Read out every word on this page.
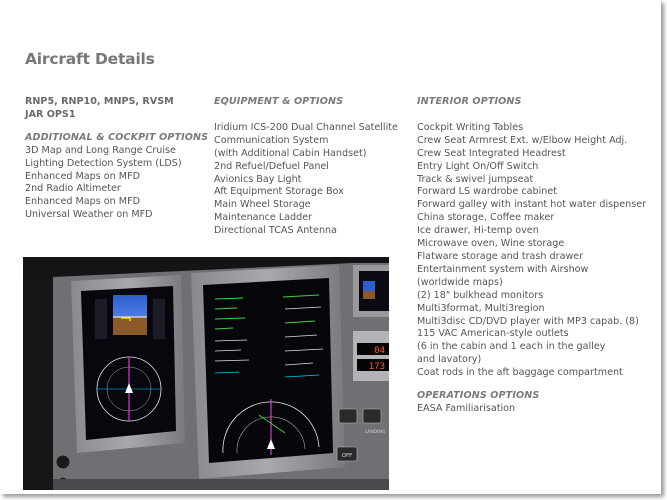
Aircraft Details
RNP5, RNP10, MNPS, RVSM
JAR OPS1
ADDITIONAL & COCKPIT OPTIONS
3D Map and Long Range Cruise
Lighting Detection System (LDS)
Enhanced Maps on MFD
2nd Radio Altimeter
Enhanced Maps on MFD
Universal Weather on MFD
EQUIPMENT & OPTIONS
Iridium ICS-200 Dual Channel Satellite
Communication System
(with Additional Cabin Handset)
2nd Refuel/Defuel Panel
Avionics Bay Light
Aft Equipment Storage Box
Main Wheel Storage
Maintenance Ladder
Directional TCAS Antenna
INTERIOR OPTIONS
Cockpit Writing Tables
Crew Seat Armrest Ext. w/Elbow Height Adj.
Crew Seat Integrated Headrest
Entry Light On/Off Switch
Track & swivel jumpseat
Forward LS wardrobe cabinet
Forward galley with instant hot water dispenser
China storage, Coffee maker
Ice drawer, Hi-temp oven
Microwave oven, Wine storage
Flatware storage and trash drawer
Entertainment system with Airshow
(worldwide maps)
(2) 18" bulkhead monitors
Multi3format, Multi3region
Multi3disc CD/DVD player with MP3 capab. (8)
115 VAC American-style outlets
(6 in the cabin and 1 each in the galley
and lavatory)
Coat rods in the aft baggage compartment
OPERATIONS OPTIONS
EASA Familiarisation
04
173
OFF
LANDING
